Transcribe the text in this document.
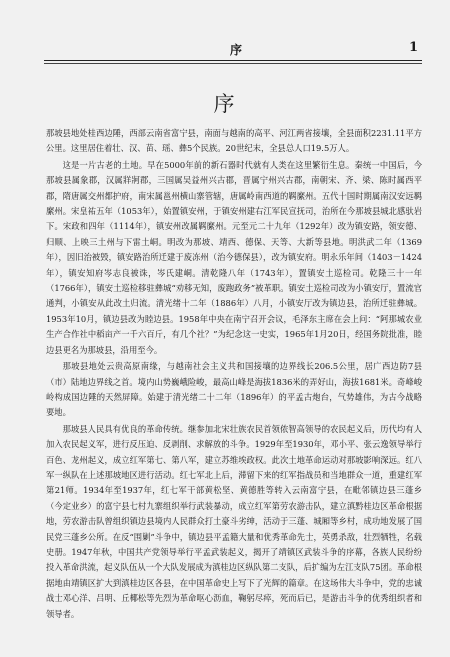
序	1
序

那坡县地处桂西边陲，西部云南省富宁县，南面与越南的高平、河江两省接壤，全县面积2231.11平方公里。这里居住着壮、汉、苗、瑶、彝5个民族。20世纪末，全县总人口19.5万人。

这是一片古老的土地。早在5000年前的新石器时代就有人类在这里繁衍生息。秦统一中国后，今那坡县属象郡，汉属牂牁郡，三国属吴益州兴古郡，晋属宁州兴古郡，南朝宋、齐、梁、陈时属西平郡，隋唐属交州都护府，南宋属邕州横山寨管辖，唐属岭南西道的羁縻州。五代十国时期属南汉安远羁縻州。宋皇祐五年（1053年），始置镇安州，于镇安州建右江军民宣抚司，治所在今那坡县城北感驮岩下。宋政和四年（1114年），镇安州改属羁縻州。元至元二十九年（1292年）改为镇安路，领安德、归顺、上映三土州与下雷土峒。明改为那坡、靖西、德保、天等、大新等县地。明洪武二年（1369年），因旧治被毁，镇安路治所迁建于废冻州（治今德保县），改为镇安府。明永乐年间（1403－1424年），镇安知府岑志良被诛，岑氏建峒。清乾隆八年（1743年），置镇安土巡检司。乾隆三十一年（1766年），镇安土巡检移驻彝城“劝移无知，废跑政务”被革职。镇安土巡检司改为小镇安厅，置流官通判，小镇安从此改土归流。清光绪十二年（1886年）八月，小镇安厅改为镇边县，治所迁驻彝城。1953年10月，镇边县改为睦边县。1958年中央在南宁召开会议，毛泽东主席在会上问：“阿那城农业生产合作社中稻亩产一千六百斤，有几个社？”为纪念这一史实，1965年1月20日，经国务院批准，睦边县更名为那坡县，沿用至今。

那坡县地处云贵高原南缘，与越南社会主义共和国接壤的边界线长206.5公里，居广西边防7县（市）陆地边界线之首。境内山势巍峨险峻，最高山峰是海拔1836米的弄好山，海拔1681米。奇峰峻岭构成国边陲的天然屏障。始建于清光绪二十二年（1896年）的平孟古炮台，气势雄伟，为古今战略要地。

那坡县人民具有优良的革命传统。继参加北宋壮族农民首领侬智高领导的农民起义后，历代均有人加入农民起义军，进行反压迫、反剥削、求解放的斗争。1929年至1930年，邓小平、张云逸领导举行百色、龙州起义，成立红军第七、第八军，建立苏维埃政权。此次土地革命运动对那坡影响深远。红八军一纵队在上述那坡地区进行活动。红七军北上后，滞留下来的红军指战员和当地群众一道，重建红军第21师。1934年至1937年，红七军干部黄松坚、黄德胜等转入云南富宁县，在毗邻镇边县三蓬乡（今定业乡）的富宁县七村九寨组织举行武装暴动，成立红军第劳农游击队，建立滇黔桂边区革命根据地，劳农游击队曾组织镇边县境内人民群众打土豪斗劣绅，活动于三蓬、城厢等乡村，成功地发展了国民党三蓬乡公所。在反“围剿”斗争中，镇边县平孟籍大量和优秀革命先士，英勇杀敌，壮烈牺牲，名载史册。1947年秋，中国共产党领导举行平孟武装起义，揭开了靖镇区武装斗争的序幕，各族人民纷纷投入革命洪流，起义队伍从一个大队发展成为滇桂边区纵队第二支队，后扩编为左江支队75团。革命根据地由靖镇区扩大到滇桂边区各县，在中国革命史上写下了光辉的篇章。在这场伟大斗争中，党的忠诚战士邓心洋、吕明、丘椰松等先烈为革命呕心沥血，鞠躬尽瘁，死而后已，是游击斗争的优秀组织者和领导者。
